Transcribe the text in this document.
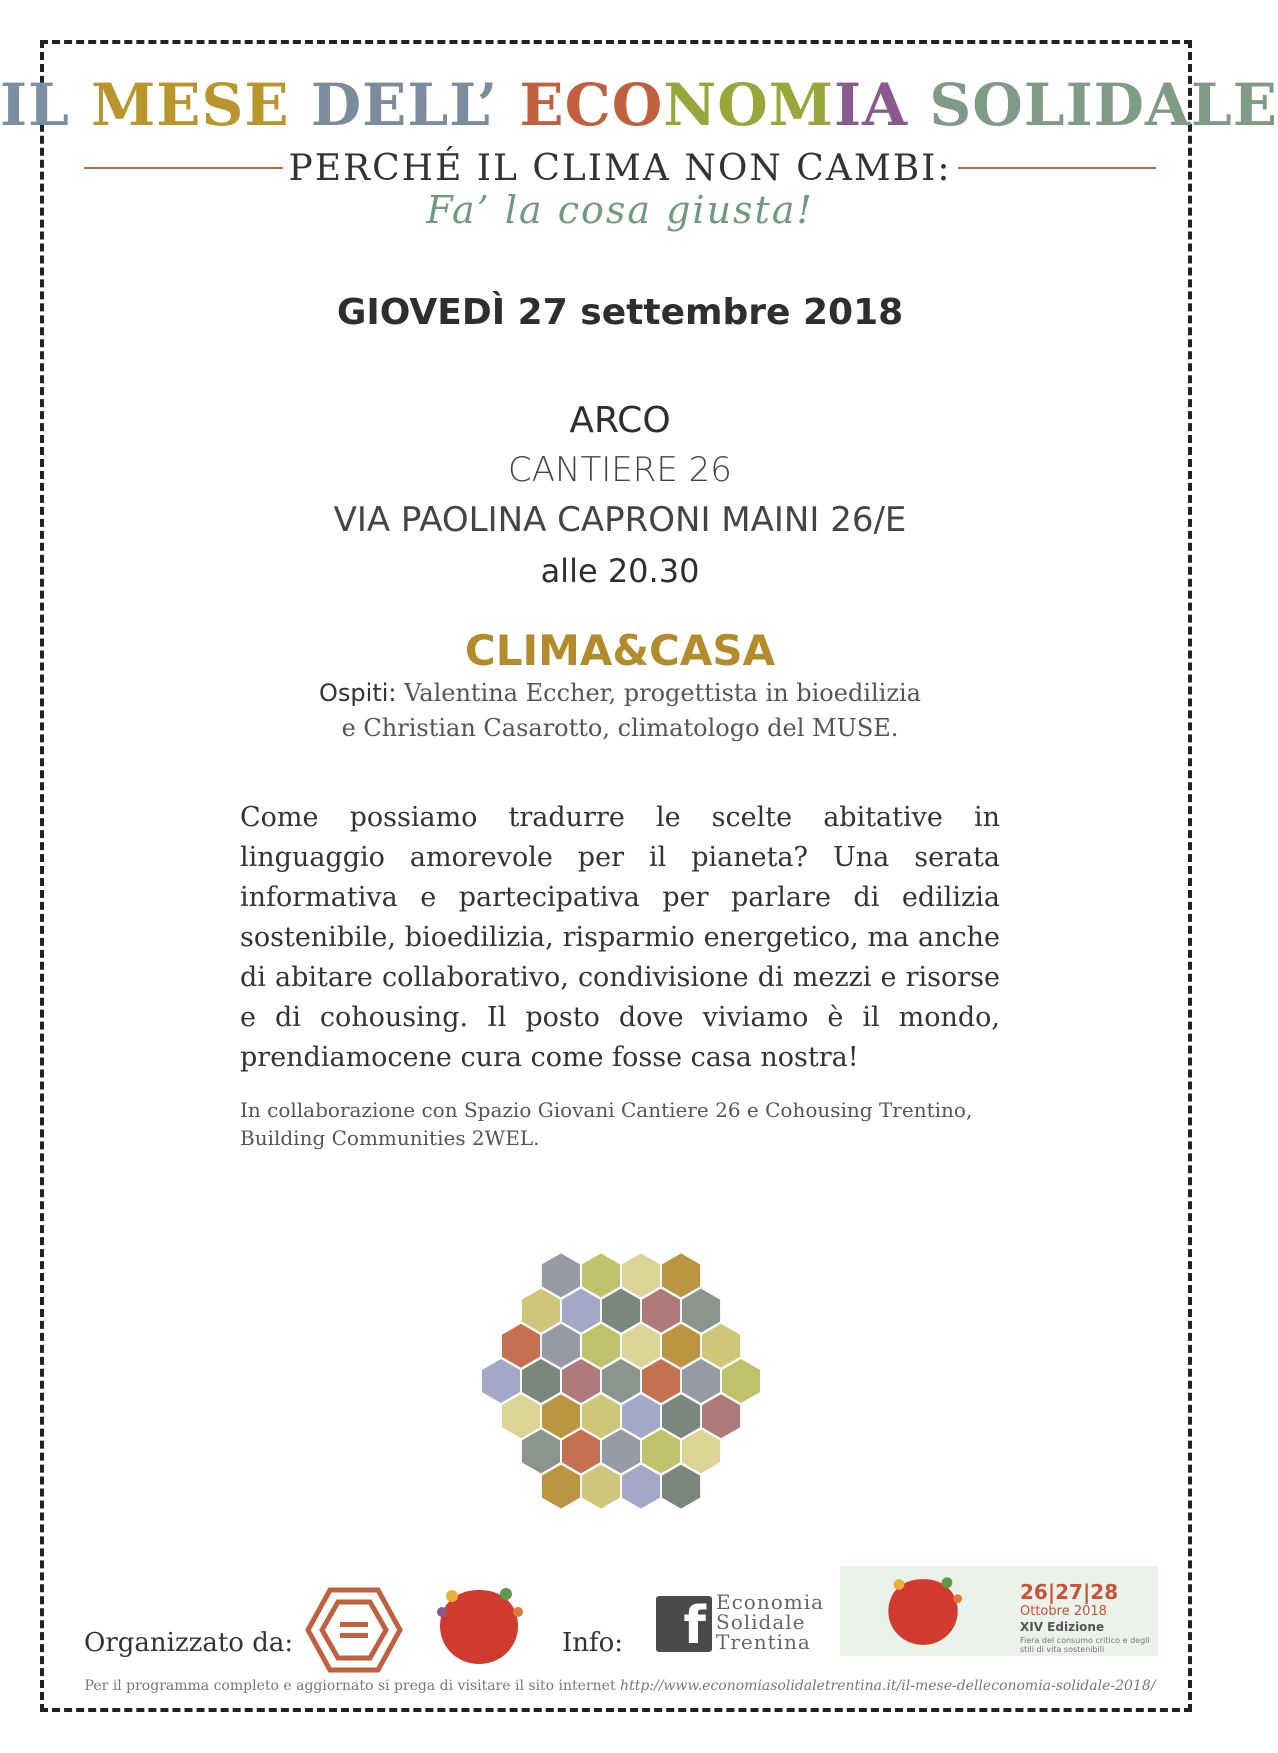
IL MESE DELL’ ECONOMIA SOLIDALE
PERCHÉ IL CLIMA NON CAMBI:
Fa’ la cosa giusta!
GIOVEDÌ 27 settembre 2018
ARCO
CANTIERE 26
VIA PAOLINA CAPRONI MAINI 26/E
alle 20.30
CLIMA&CASA
Ospiti: Valentina Eccher, progettista in bioedilizia
e Christian Casarotto, climatologo del MUSE.
Come possiamo tradurre le scelte abitative in linguaggio amorevole per il pianeta? Una serata informativa e partecipativa per parlare di edilizia sostenibile, bioedilizia, risparmio energetico, ma anche di abitare collaborativo, condivisione di mezzi e risorse e di cohousing. Il posto dove viviamo è il mondo, prendiamocene cura come fosse casa nostra!
In collaborazione con Spazio Giovani Cantiere 26 e Cohousing Trentino, Building Communities 2WEL.
Organizzato da:	Info: f Economia
Solidale
Trentina
26|27|28
Ottobre 2018
XIV Edizione
Fiera del consumo critico e degli stili di vita sostenibili
Per il programma completo e aggiornato si prega di visitare il sito internet http://www.economiasolidaletrentina.it/il-mese-delleconomia-solidale-2018/
